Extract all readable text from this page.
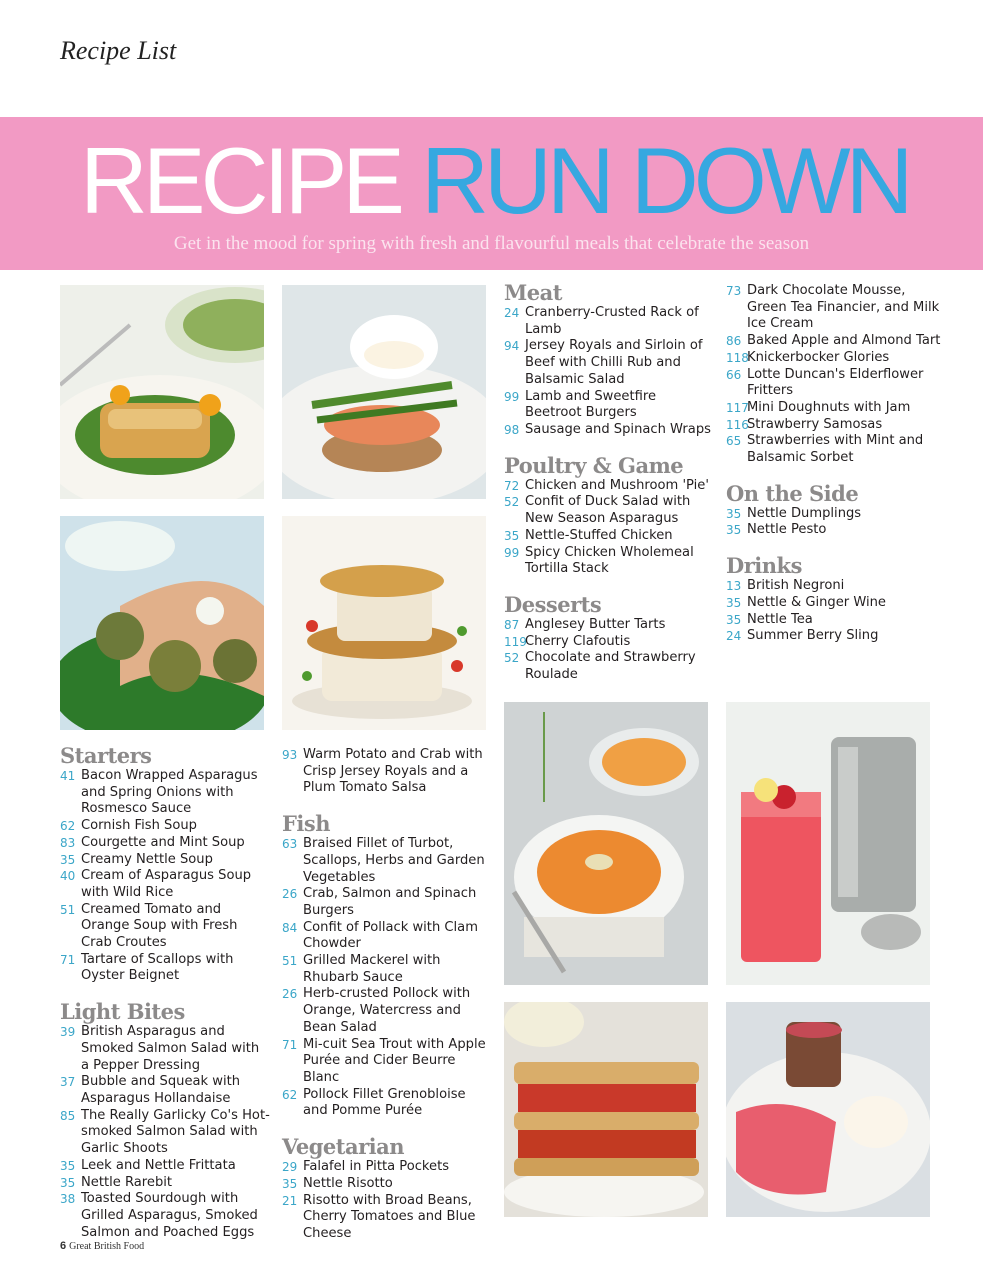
Recipe List
RECIPE RUN DOWN
Get in the mood for spring with fresh and flavourful meals that celebrate the season
Starters
41 Bacon Wrapped Asparagus and Spring Onions with Rosmesco Sauce
62 Cornish Fish Soup
83 Courgette and Mint Soup
35 Creamy Nettle Soup
40 Cream of Asparagus Soup with Wild Rice
51 Creamed Tomato and Orange Soup with Fresh Crab Croutes
71 Tartare of Scallops with Oyster Beignet
Light Bites
39 British Asparagus and Smoked Salmon Salad with a Pepper Dressing
37 Bubble and Squeak with Asparagus Hollandaise
85 The Really Garlicky Co's Hot-smoked Salmon Salad with Garlic Shoots
35 Leek and Nettle Frittata
35 Nettle Rarebit
38 Toasted Sourdough with Grilled Asparagus, Smoked Salmon and Poached Eggs
93 Warm Potato and Crab with Crisp Jersey Royals and a Plum Tomato Salsa
Fish
63 Braised Fillet of Turbot, Scallops, Herbs and Garden Vegetables
26 Crab, Salmon and Spinach Burgers
84 Confit of Pollack with Clam Chowder
51 Grilled Mackerel with Rhubarb Sauce
26 Herb-crusted Pollock with Orange, Watercress and Bean Salad
71 Mi-cuit Sea Trout with Apple Purée and Cider Beurre Blanc
62 Pollock Fillet Grenobloise and Pomme Purée
Vegetarian
29 Falafel in Pitta Pockets
35 Nettle Risotto
21 Risotto with Broad Beans, Cherry Tomatoes and Blue Cheese
Meat
24 Cranberry-Crusted Rack of Lamb
94 Jersey Royals and Sirloin of Beef with Chilli Rub and Balsamic Salad
99 Lamb and Sweetfire Beetroot Burgers
98 Sausage and Spinach Wraps
Poultry & Game
72 Chicken and Mushroom 'Pie'
52 Confit of Duck Salad with New Season Asparagus
35 Nettle-Stuffed Chicken
99 Spicy Chicken Wholemeal Tortilla Stack
Desserts
87 Anglesey Butter Tarts
119
Cherry Clafoutis
52 Chocolate and Strawberry Roulade
73 Dark Chocolate Mousse, Green Tea Financier, and Milk Ice Cream
86 Baked Apple and Almond Tart
118
Knickerbocker Glories
66 Lotte Duncan's Elderflower Fritters
117
Mini Doughnuts with Jam
116
Strawberry Samosas
65 Strawberries with Mint and Balsamic Sorbet
On the Side
35 Nettle Dumplings
35 Nettle Pesto
Drinks
13 British Negroni
35 Nettle & Ginger Wine
35 Nettle Tea
24 Summer Berry Sling
6 Great British Food
